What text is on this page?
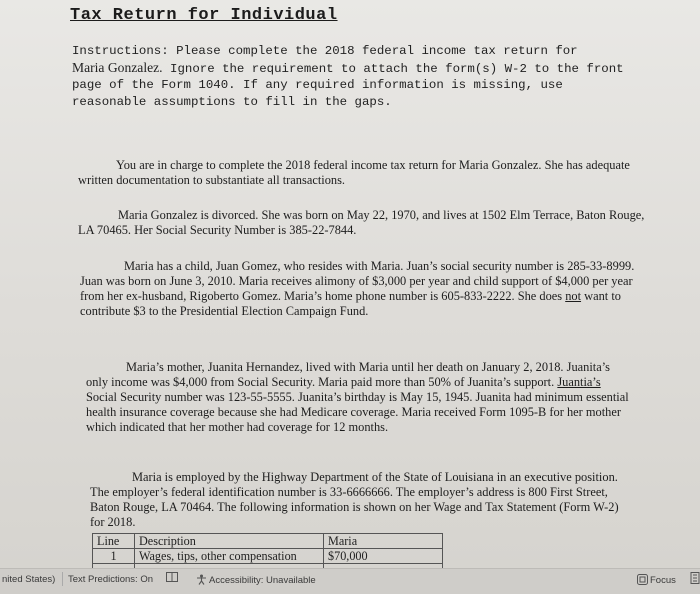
Tax Return for Individual
Instructions: Please complete the 2018 federal income tax return for
Maria Gonzalez. Ignore the requirement to attach the form(s) W-2 to the front page of the Form 1040. If any required information is missing, use reasonable assumptions to fill in the gaps.

You are in charge to complete the 2018 federal income tax return for Maria Gonzalez. She has adequate written documentation to substantiate all transactions.

Maria Gonzalez is divorced. She was born on May 22, 1970, and lives at 1502 Elm Terrace, Baton Rouge, LA 70465. Her Social Security Number is 385-22-7844.

Maria has a child, Juan Gomez, who resides with Maria. Juan’s social security number is 285-33-8999. Juan was born on June 3, 2010. Maria receives alimony of $3,000 per year and child support of $4,000 per year from her ex-husband, Rigoberto Gomez. Maria’s home phone number is 605-833-2222. She does not want to contribute $3 to the Presidential Election Campaign Fund.

Maria’s mother, Juanita Hernandez, lived with Maria until her death on January 2, 2018. Juanita’s only income was $4,000 from Social Security. Maria paid more than 50% of Juanita’s support. Juantia’s Social Security number was 123-55-5555. Juanita’s birthday is May 15, 1945. Juanita had minimum essential health insurance coverage because she had Medicare coverage. Maria received Form 1095-B for her mother which indicated that her mother had coverage for 12 months.

Maria is employed by the Highway Department of the State of Louisiana in an executive position. The employer’s federal identification number is 33-6666666. The employer’s address is 800 First Street, Baton Rouge, LA 70464. The following information is shown on her Wage and Tax Statement (Form W-2) for 2018.

Line	Description	Maria
1	Wages, tips, other compensation	$70,000

nited States) Text Predictions: On	Accessibility: Unavailable	Focus
